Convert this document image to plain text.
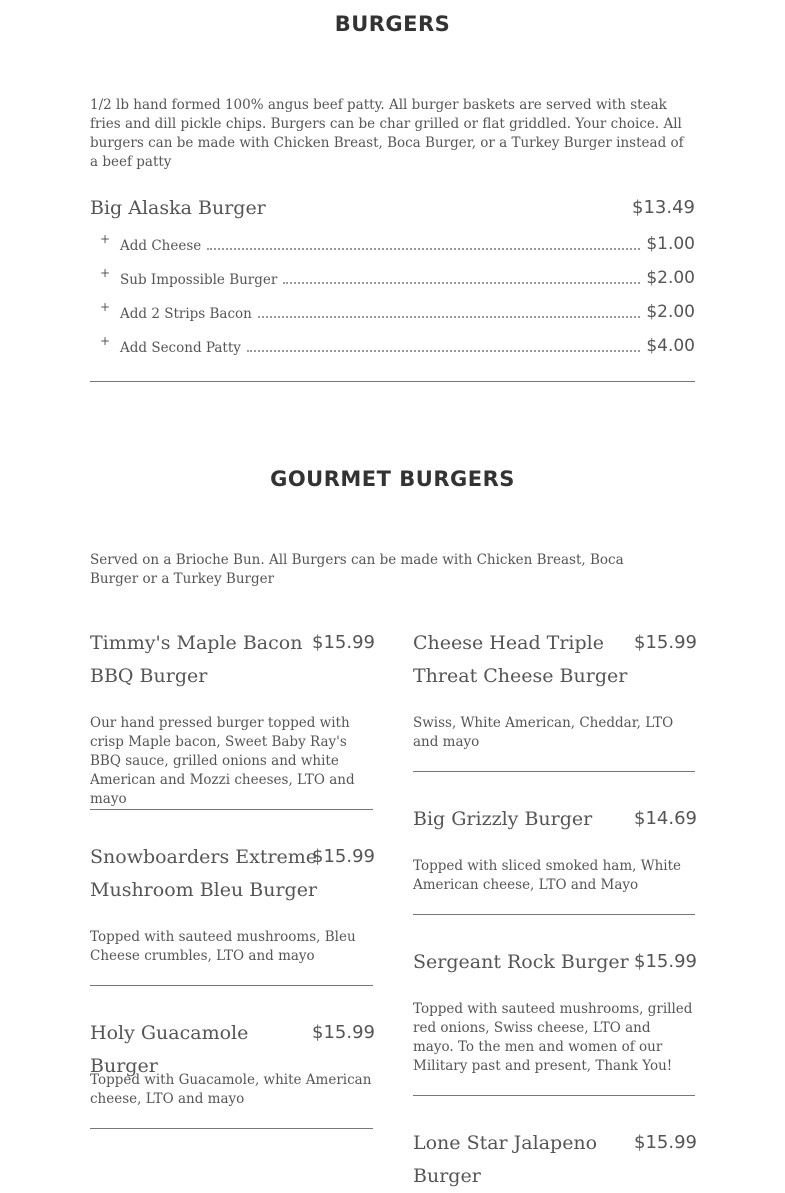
BURGERS

1/2 lb hand formed 100% angus beef patty. All burger baskets are served with steak fries and dill pickle chips. Burgers can be char grilled or flat griddled. Your choice. All burgers can be made with Chicken Breast, Boca Burger, or a Turkey Burger instead of a beef patty

Big Alaska Burger	$13.49
+ Add Cheese	$1.00
+ Sub Impossible Burger	$2.00
+ Add 2 Strips Bacon	$2.00
+ Add Second Patty	$4.00
GOURMET BURGERS

Served on a Brioche Bun. All Burgers can be made with Chicken Breast, Boca Burger or a Turkey Burger

Timmy's Maple Bacon BBQ Burger
$15.99

Our hand pressed burger topped with crisp Maple bacon, Sweet Baby Ray's BBQ sauce, grilled onions and white American and Mozzi cheeses, LTO and mayo

Snowboarders Extreme Mushroom Bleu Burger
$15.99

Topped with sauteed mushrooms, Bleu Cheese crumbles, LTO and mayo

Holy Guacamole Burger
$15.99

Topped with Guacamole, white American cheese, LTO and mayo

Cheese Head Triple Threat Cheese Burger
$15.99

Swiss, White American, Cheddar, LTO and mayo

Big Grizzly Burger	$14.69

Topped with sliced smoked ham, White American cheese, LTO and Mayo

Sergeant Rock Burger $15.99

Topped with sauteed mushrooms, grilled red onions, Swiss cheese, LTO and mayo. To the men and women of our Military past and present, Thank You!

Lone Star Jalapeno Burger
$15.99
